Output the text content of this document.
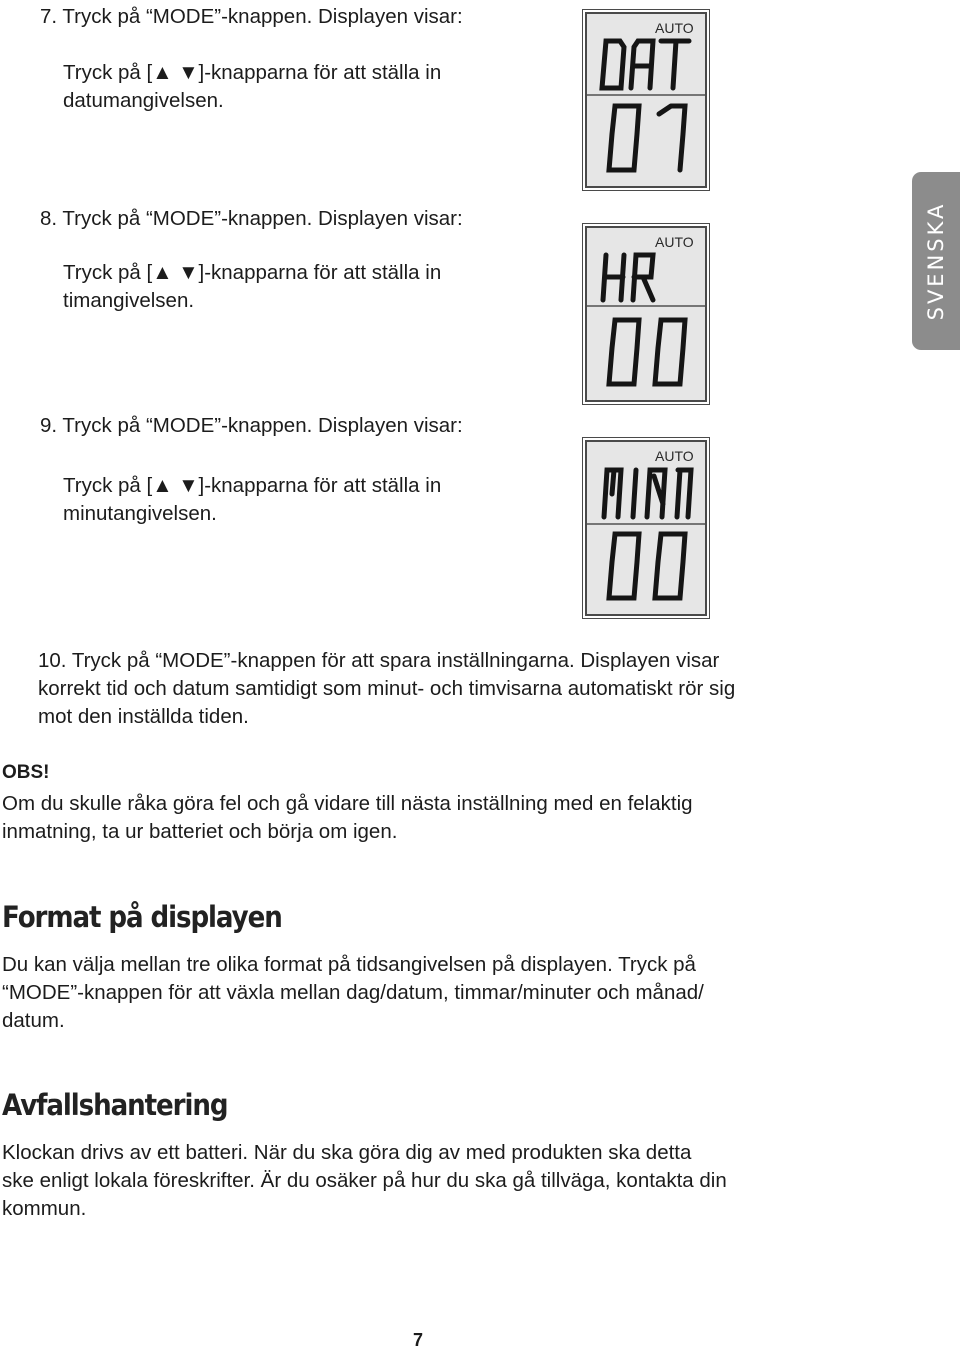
7. Tryck på “MODE”-knappen. Displayen visar:

Tryck på [▲ ▼]-knapparna för att ställa in

datumangivelsen.

AUTO

8. Tryck på “MODE”-knappen. Displayen visar:

Tryck på [▲ ▼]-knapparna för att ställa in

timangivelsen.

AUTO	SVENSKA

9. Tryck på “MODE”-knappen. Displayen visar:

Tryck på [▲ ▼]-knapparna för att ställa in

minutangivelsen.

AUTO

10. Tryck på “MODE”-knappen för att spara inställningarna. Displayen visar

korrekt tid och datum samtidigt som minut- och timvisarna automatiskt rör sig

mot den inställda tiden.

OBS!

Om du skulle råka göra fel och gå vidare till nästa inställning med en felaktig

inmatning, ta ur batteriet och börja om igen.

Format på displayen

Du kan välja mellan tre olika format på tidsangivelsen på displayen. Tryck på

“MODE”-knappen för att växla mellan dag/datum, timmar/minuter och månad/

datum.

Avfallshantering

Klockan drivs av ett batteri. När du ska göra dig av med produkten ska detta

ske enligt lokala föreskrifter. Är du osäker på hur du ska gå tillväga, kontakta din

kommun.

7
